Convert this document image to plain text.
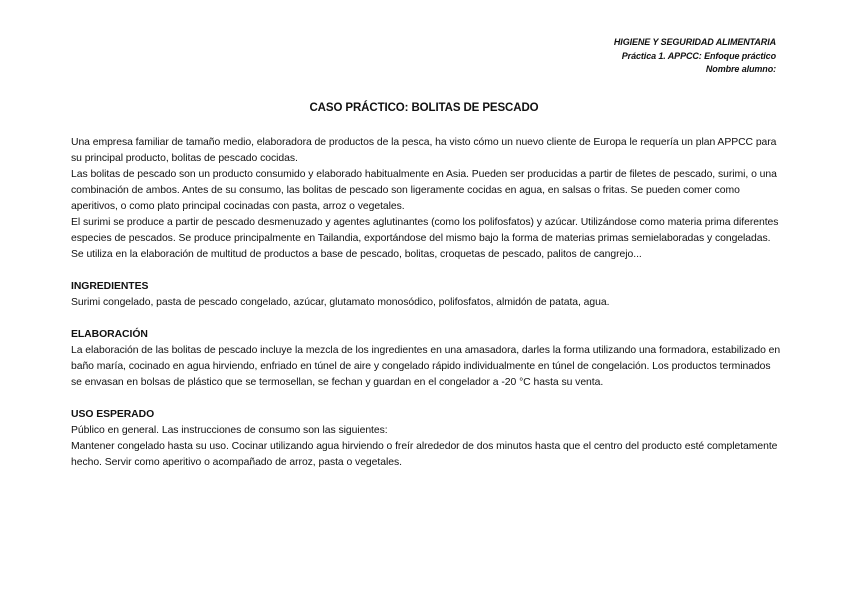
HIGIENE Y SEGURIDAD ALIMENTARIA
Práctica 1. APPCC: Enfoque práctico
Nombre alumno:
CASO PRÁCTICO: BOLITAS DE PESCADO

Una empresa familiar de tamaño medio, elaboradora de productos de la pesca, ha visto cómo un nuevo cliente de Europa le requería un plan APPCC para su principal producto, bolitas de pescado cocidas.

Las bolitas de pescado son un producto consumido y elaborado habitualmente en Asia. Pueden ser producidas a partir de filetes de pescado, surimi, o una combinación de ambos. Antes de su consumo, las bolitas de pescado son ligeramente cocidas en agua, en salsas o fritas. Se pueden comer como aperitivos, o como plato principal cocinadas con pasta, arroz o vegetales.

El surimi se produce a partir de pescado desmenuzado y agentes aglutinantes (como los polifosfatos) y azúcar. Utilizándose como materia prima diferentes especies de pescados. Se produce principalmente en Tailandia, exportándose del mismo bajo la forma de materias primas semielaboradas y congeladas. Se utiliza en la elaboración de multitud de productos a base de pescado, bolitas, croquetas de pescado, palitos de cangrejo...

INGREDIENTES

Surimi congelado, pasta de pescado congelado, azúcar, glutamato monosódico, polifosfatos, almidón de patata, agua.

ELABORACIÓN

La elaboración de las bolitas de pescado incluye la mezcla de los ingredientes en una amasadora, darles la forma utilizando una formadora, estabilizado en baño maría, cocinado en agua hirviendo, enfriado en túnel de aire y congelado rápido individualmente en túnel de congelación. Los productos terminados se envasan en bolsas de plástico que se termosellan, se fechan y guardan en el congelador a -20 °C hasta su venta.

USO ESPERADO

Público en general. Las instrucciones de consumo son las siguientes:

Mantener congelado hasta su uso. Cocinar utilizando agua hirviendo o freír alrededor de dos minutos hasta que el centro del producto esté completamente hecho. Servir como aperitivo o acompañado de arroz, pasta o vegetales.
